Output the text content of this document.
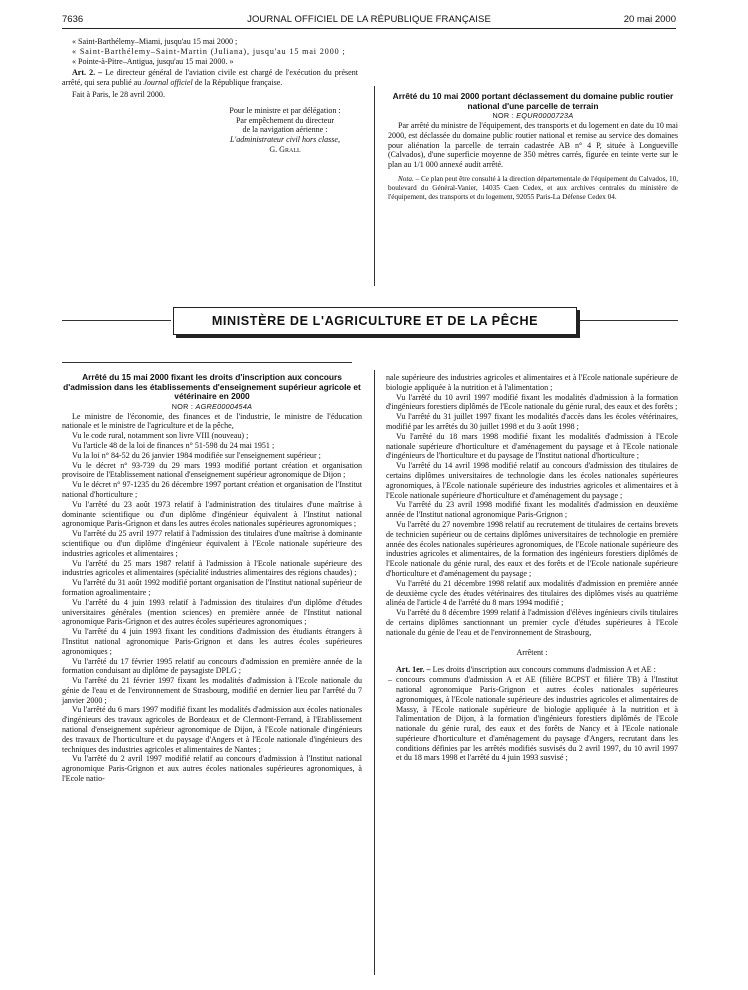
7636	JOURNAL OFFICIEL DE LA RÉPUBLIQUE FRANÇAISE	20 mai 2000

« Saint-Barthélemy–Miami, jusqu'au 15 mai 2000 ;

« Saint-Barthélemy–Saint-Martin (Juliana), jusqu'au 15 mai 2000 ;

« Pointe-à-Pitre–Antigua, jusqu'au 15 mai 2000. »

Art. 2. – Le directeur général de l'aviation civile est chargé de l'exécution du présent arrêté, qui sera publié au Journal officiel de la République française.

Fait à Paris, le 28 avril 2000.

Pour le ministre et par délégation :

Par empêchement du directeur

de la navigation aérienne :

L'administrateur civil hors classe,

G. Grall

Arrêté du 10 mai 2000 portant déclassement du domaine public routier national d'une parcelle de terrain

NOR : EQUR0000723A

Par arrêté du ministre de l'équipement, des transports et du logement en date du 10 mai 2000, est déclassée du domaine public routier national et remise au service des domaines pour aliénation la parcelle de terrain cadastrée AB n° 4 P, située à Longueville (Calvados), d'une superficie moyenne de 350 mètres carrés, figurée en teinte verte sur le plan au 1/1 000 annexé audit arrêté.

Nota. – Ce plan peut être consulté à la direction départementale de l'équipement du Calvados, 10, boulevard du Général-Vanier, 14035 Caen Cedex, et aux archives centrales du ministère de l'équipement, des transports et du logement, 92055 Paris-La Défense Cedex 04.

MINISTÈRE DE L'AGRICULTURE ET DE LA PÊCHE

Arrêté du 15 mai 2000 fixant les droits d'inscription aux concours d'admission dans les établissements d'enseignement supérieur agricole et vétérinaire en 2000

NOR : AGRE0000454A

Le ministre de l'économie, des finances et de l'industrie, le ministre de l'éducation nationale et le ministre de l'agriculture et de la pêche,

Vu le code rural, notamment son livre VIII (nouveau) ;

Vu l'article 48 de la loi de finances n° 51-598 du 24 mai 1951 ;

Vu la loi n° 84-52 du 26 janvier 1984 modifiée sur l'enseignement supérieur ;

Vu le décret n° 93-739 du 29 mars 1993 modifié portant création et organisation provisoire de l'Etablissement national d'enseignement supérieur agronomique de Dijon ;

Vu le décret n° 97-1235 du 26 décembre 1997 portant création et organisation de l'Institut national d'horticulture ;

Vu l'arrêté du 23 août 1973 relatif à l'administration des titulaires d'une maîtrise à dominante scientifique ou d'un diplôme d'ingénieur équivalent à l'Institut national agronomique Paris-Grignon et dans les autres écoles nationales supérieures agronomiques ;

Vu l'arrêté du 25 avril 1977 relatif à l'admission des titulaires d'une maîtrise à dominante scientifique ou d'un diplôme d'ingénieur équivalent à l'Ecole nationale supérieure des industries agricoles et alimentaires ;

Vu l'arrêté du 25 mars 1987 relatif à l'admission à l'Ecole nationale supérieure des industries agricoles et alimentaires (spécialité industries alimentaires des régions chaudes) ;

Vu l'arrêté du 31 août 1992 modifié portant organisation de l'Institut national supérieur de formation agroalimentaire ;

Vu l'arrêté du 4 juin 1993 relatif à l'admission des titulaires d'un diplôme d'études universitaires générales (mention sciences) en première année de l'Institut national agronomique Paris-Grignon et des autres écoles supérieures agronomiques ;

Vu l'arrêté du 4 juin 1993 fixant les conditions d'admission des étudiants étrangers à l'Institut national agronomique Paris-Grignon et dans les autres écoles supérieures agronomiques ;

Vu l'arrêté du 17 février 1995 relatif au concours d'admission en première année de la formation conduisant au diplôme de paysagiste DPLG ;

Vu l'arrêté du 21 février 1997 fixant les modalités d'admission à l'Ecole nationale du génie de l'eau et de l'environnement de Strasbourg, modifié en dernier lieu par l'arrêté du 7 janvier 2000 ;

Vu l'arrêté du 6 mars 1997 modifié fixant les modalités d'admission aux écoles nationales d'ingénieurs des travaux agricoles de Bordeaux et de Clermont-Ferrand, à l'Etablissement national d'enseignement supérieur agronomique de Dijon, à l'Ecole nationale d'ingénieurs des travaux de l'horticulture et du paysage d'Angers et à l'Ecole nationale d'ingénieurs des techniques des industries agricoles et alimentaires de Nantes ;

Vu l'arrêté du 2 avril 1997 modifié relatif au concours d'admission à l'Institut national agronomique Paris-Grignon et aux autres écoles nationales supérieures agronomiques, à l'Ecole natio-

nale supérieure des industries agricoles et alimentaires et à l'Ecole nationale supérieure de biologie appliquée à la nutrition et à l'alimentation ;

Vu l'arrêté du 10 avril 1997 modifié fixant les modalités d'admission à la formation d'ingénieurs forestiers diplômés de l'Ecole nationale du génie rural, des eaux et des forêts ;

Vu l'arrêté du 31 juillet 1997 fixant les modalités d'accès dans les écoles vétérinaires, modifié par les arrêtés du 30 juillet 1998 et du 3 août 1998 ;

Vu l'arrêté du 18 mars 1998 modifié fixant les modalités d'admission à l'Ecole nationale supérieure d'horticulture et d'aménagement du paysage et à l'Ecole nationale d'ingénieurs de l'horticulture et du paysage de l'Institut national d'horticulture ;

Vu l'arrêté du 14 avril 1998 modifié relatif au concours d'admission des titulaires de certains diplômes universitaires de technologie dans les écoles nationales supérieures agronomiques, à l'Ecole nationale supérieure des industries agricoles et alimentaires et à l'Ecole nationale supérieure d'horticulture et d'aménagement du paysage ;

Vu l'arrêté du 23 avril 1998 modifié fixant les modalités d'admission en deuxième année de l'Institut national agronomique Paris-Grignon ;

Vu l'arrêté du 27 novembre 1998 relatif au recrutement de titulaires de certains brevets de technicien supérieur ou de certains diplômes universitaires de technologie en première année des écoles nationales supérieures agronomiques, de l'Ecole nationale supérieure des industries agricoles et alimentaires, de la formation des ingénieurs forestiers diplômés de l'Ecole nationale du génie rural, des eaux et des forêts et de l'Ecole nationale supérieure d'horticulture et d'aménagement du paysage ;

Vu l'arrêté du 21 décembre 1998 relatif aux modalités d'admission en première année de deuxième cycle des études vétérinaires des titulaires des diplômes visés au quatrième alinéa de l'article 4 de l'arrêté du 8 mars 1994 modifié ;

Vu l'arrêté du 8 décembre 1999 relatif à l'admission d'élèves ingénieurs civils titulaires de certains diplômes sanctionnant un premier cycle d'études supérieures à l'Ecole nationale du génie de l'eau et de l'environnement de Strasbourg,

Arrêtent :

Art. 1er. – Les droits d'inscription aux concours communs d'admission A et AE :

– concours communs d'admission A et AE (filière BCPST et filière TB) à l'Institut national agronomique Paris-Grignon et autres écoles nationales supérieures agronomiques, à l'Ecole nationale supérieure des industries agricoles et alimentaires de Massy, à l'Ecole nationale supérieure de biologie appliquée à la nutrition et à l'alimentation de Dijon, à la formation d'ingénieurs forestiers diplômés de l'Ecole nationale du génie rural, des eaux et des forêts de Nancy et à l'Ecole nationale supérieure d'horticulture et d'aménagement du paysage d'Angers, recrutant dans les conditions définies par les arrêtés modifiés susvisés du 2 avril 1997, du 10 avril 1997 et du 18 mars 1998 et l'arrêté du 4 juin 1993 susvisé ;
